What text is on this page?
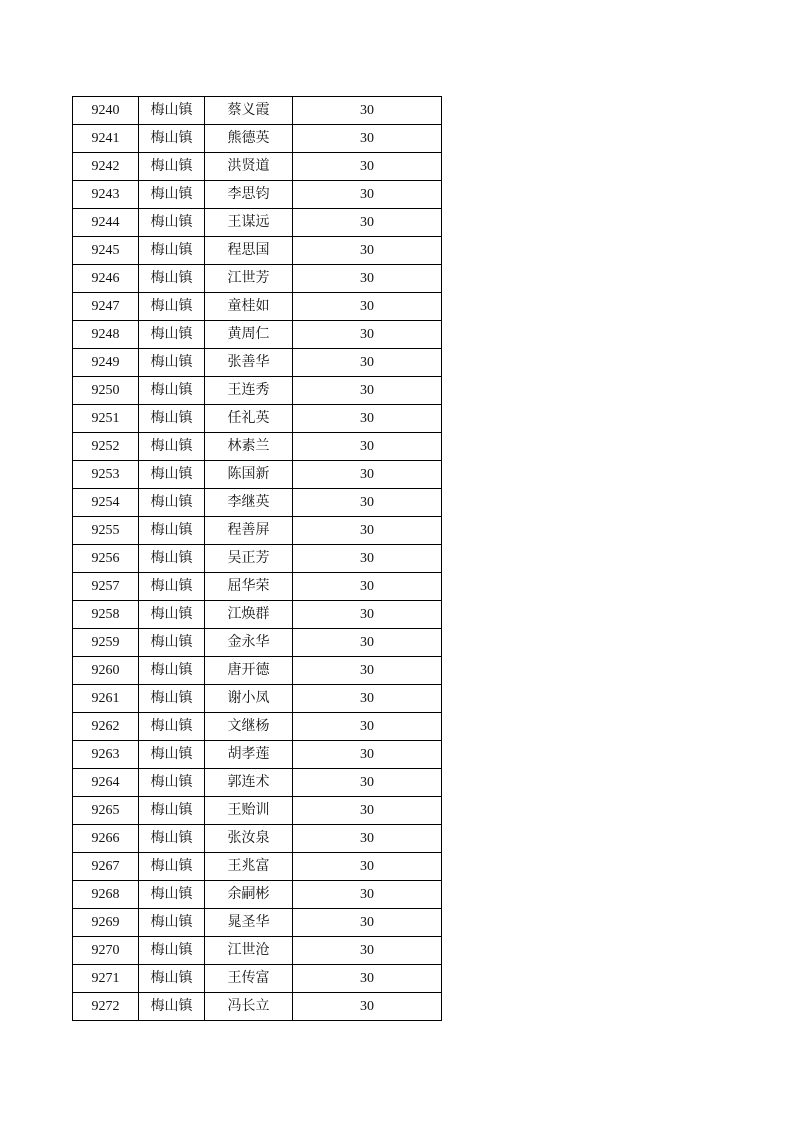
9240	梅山镇	蔡义霞	30
9241	梅山镇	熊德英	30
9242	梅山镇	洪贤道	30
9243	梅山镇	李思钧	30
9244	梅山镇	王谋远	30
9245	梅山镇	程思国	30
9246	梅山镇	江世芳	30
9247	梅山镇	童桂如	30
9248	梅山镇	黄周仁	30
9249	梅山镇	张善华	30
9250	梅山镇	王连秀	30
9251	梅山镇	任礼英	30
9252	梅山镇	林素兰	30
9253	梅山镇	陈国新	30
9254	梅山镇	李继英	30
9255	梅山镇	程善屏	30
9256	梅山镇	吴正芳	30
9257	梅山镇	屈华荣	30
9258	梅山镇	江焕群	30
9259	梅山镇	金永华	30
9260	梅山镇	唐开德	30
9261	梅山镇	谢小凤	30
9262	梅山镇	文继杨	30
9263	梅山镇	胡孝莲	30
9264	梅山镇	郭连术	30
9265	梅山镇	王贻训	30
9266	梅山镇	张汝泉	30
9267	梅山镇	王兆富	30
9268	梅山镇	余嗣彬	30
9269	梅山镇	晁圣华	30
9270	梅山镇	江世沧	30
9271	梅山镇	王传富	30
9272	梅山镇	冯长立	30
